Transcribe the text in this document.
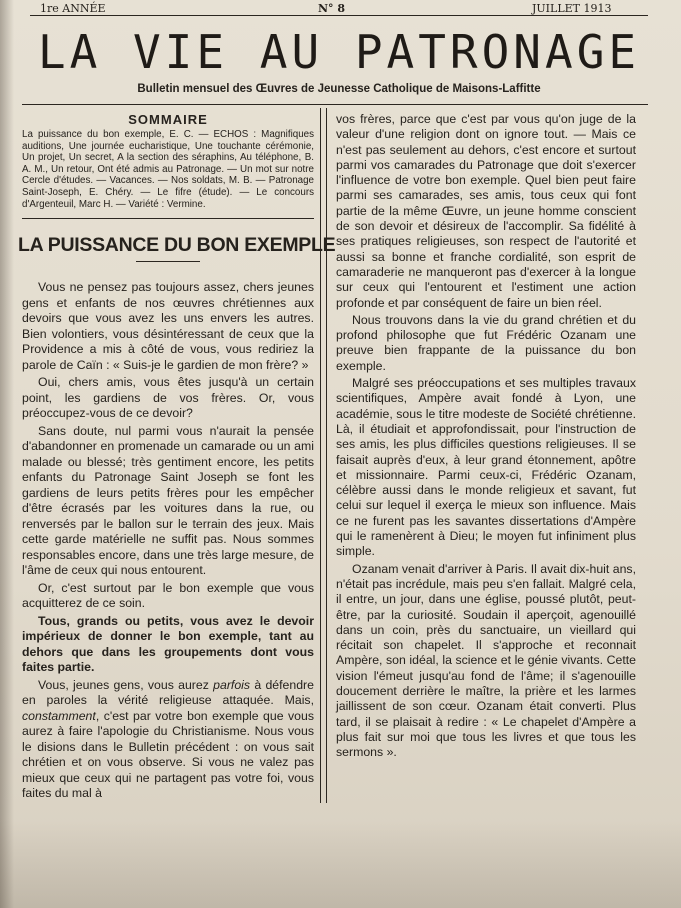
1re ANNÉE	N° 8	JUILLET 1913
LA VIE AU PATRONAGE
Bulletin mensuel des Œuvres de Jeunesse Catholique de Maisons-Laffitte
SOMMAIRE

La puissance du bon exemple, E. C. — ECHOS : Magnifiques auditions, Une journée eucharistique, Une touchante cérémonie, Un projet, Un secret, A la section des séraphins, Au téléphone, B. A. M., Un retour, Ont été admis au Patronage. — Un mot sur notre Cercle d'études. — Vacances. — Nos soldats, M. B. — Patronage Saint-Joseph, E. Chéry. — Le fifre (étude). — Le concours d'Argenteuil, Marc H. — Variété : Vermine.

LA PUISSANCE DU BON EXEMPLE

Vous ne pensez pas toujours assez, chers jeunes gens et enfants de nos œuvres chrétiennes aux devoirs que vous avez les uns envers les autres. Bien volontiers, vous désintéressant de ceux que la Providence a mis à côté de vous, vous rediriez la parole de Caïn : « Suis-je le gardien de mon frère? »

Oui, chers amis, vous êtes jusqu'à un certain point, les gardiens de vos frères. Or, vous préoccupez-vous de ce devoir?

Sans doute, nul parmi vous n'aurait la pensée d'abandonner en promenade un camarade ou un ami malade ou blessé; très gentiment encore, les petits enfants du Patronage Saint Joseph se font les gardiens de leurs petits frères pour les empêcher d'être écrasés par les voitures dans la rue, ou renversés par le ballon sur le terrain des jeux. Mais cette garde matérielle ne suffit pas. Nous sommes responsables encore, dans une très large mesure, de l'âme de ceux qui nous entourent.

Or, c'est surtout par le bon exemple que vous acquitterez de ce soin.

Tous, grands ou petits, vous avez le devoir impérieux de donner le bon exemple, tant au dehors que dans les groupements dont vous faites partie.

Vous, jeunes gens, vous aurez parfois à défendre en paroles la vérité religieuse attaquée. Mais, constamment, c'est par votre bon exemple que vous aurez à faire l'apologie du Christianisme. Nous vous le disions dans le Bulletin précédent : on vous sait chrétien et on vous observe. Si vous ne valez pas mieux que ceux qui ne partagent pas votre foi, vous faites du mal à

vos frères, parce que c'est par vous qu'on juge de la valeur d'une religion dont on ignore tout. — Mais ce n'est pas seulement au dehors, c'est encore et surtout parmi vos camarades du Patronage que doit s'exercer l'influence de votre bon exemple. Quel bien peut faire parmi ses camarades, ses amis, tous ceux qui font partie de la même Œuvre, un jeune homme conscient de son devoir et désireux de l'accomplir. Sa fidélité à ses pratiques religieuses, son respect de l'autorité et aussi sa bonne et franche cordialité, son esprit de camaraderie ne manqueront pas d'exercer à la longue sur ceux qui l'entourent et l'estiment une action profonde et par conséquent de faire un bien réel.

Nous trouvons dans la vie du grand chrétien et du profond philosophe que fut Frédéric Ozanam une preuve bien frappante de la puissance du bon exemple.

Malgré ses préoccupations et ses multiples travaux scientifiques, Ampère avait fondé à Lyon, une académie, sous le titre modeste de Société chrétienne. Là, il étudiait et approfondissait, pour l'instruction de ses amis, les plus difficiles questions religieuses. Il se faisait auprès d'eux, à leur grand étonnement, apôtre et missionnaire. Parmi ceux-ci, Frédéric Ozanam, célèbre aussi dans le monde religieux et savant, fut celui sur lequel il exerça le mieux son influence. Mais ce ne furent pas les savantes dissertations d'Ampère qui le ramenèrent à Dieu; le moyen fut infiniment plus simple.

Ozanam venait d'arriver à Paris. Il avait dix-huit ans, n'était pas incrédule, mais peu s'en fallait. Malgré cela, il entre, un jour, dans une église, poussé plutôt, peut-être, par la curiosité. Soudain il aperçoit, agenouillé dans un coin, près du sanctuaire, un vieillard qui récitait son chapelet. Il s'approche et reconnait Ampère, son idéal, la science et le génie vivants. Cette vision l'émeut jusqu'au fond de l'âme; il s'agenouille doucement derrière le maître, la prière et les larmes jaillissent de son cœur. Ozanam était converti. Plus tard, il se plaisait à redire : « Le chapelet d'Ampère a plus fait sur moi que tous les livres et que tous les sermons ».
